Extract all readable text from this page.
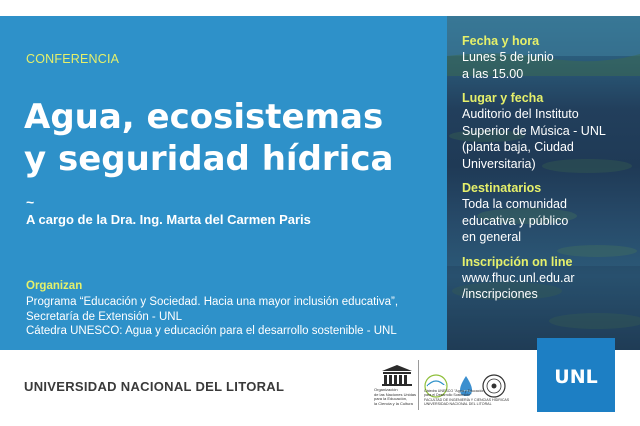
CONFERENCIA
Agua, ecosistemas
y seguridad hídrica
~
A cargo de la Dra. Ing. Marta del Carmen Paris
Organizan
Programa “Educación y Sociedad. Hacia una mayor inclusión educativa”,
Secretaría de Extensión - UNL
Cátedra UNESCO: Agua y educación para el desarrollo sostenible - UNL
Fecha y hora
Lunes 5 de junio
a las 15.00
Lugar y fecha
Auditorio del Instituto
Superior de Música - UNL
(planta baja, Ciudad
Universitaria)
Destinatarios
Toda la comunidad
educativa y público
en general
Inscripción on line
www.fhuc.unl.edu.ar
/inscripciones
UNIVERSIDAD NACIONAL DEL LITORAL	Organización
de las Naciones Unidas
para la Educación,
la Ciencia y la Cultura
Cátedra UNESCO "Agua y Educación
para el Desarrollo Sostenible"
FACULTAD DE INGENIERÍA Y CIENCIAS HÍDRICAS
UNIVERSIDAD NACIONAL DEL LITORAL
UNL
